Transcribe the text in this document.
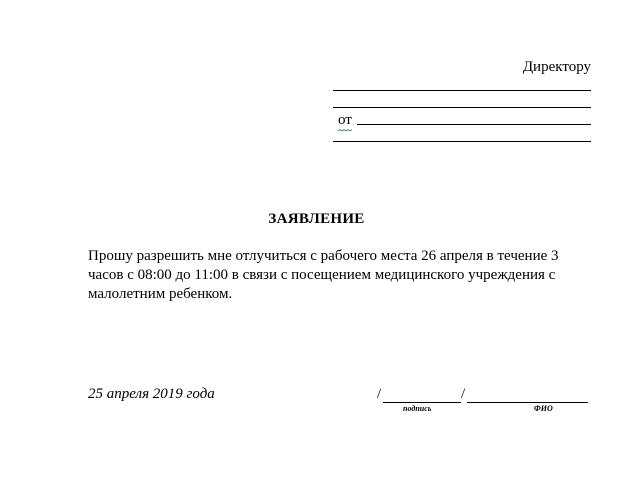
Директору
от
ЗАЯВЛЕНИЕ
Прошу разрешить мне отлучиться с рабочего места 26 апреля в течение 3
часов с 08:00 до 11:00 в связи с посещением медицинского учреждения с
малолетним ребенком.
25 апреля 2019 года	/	/
подпись	ФИО
